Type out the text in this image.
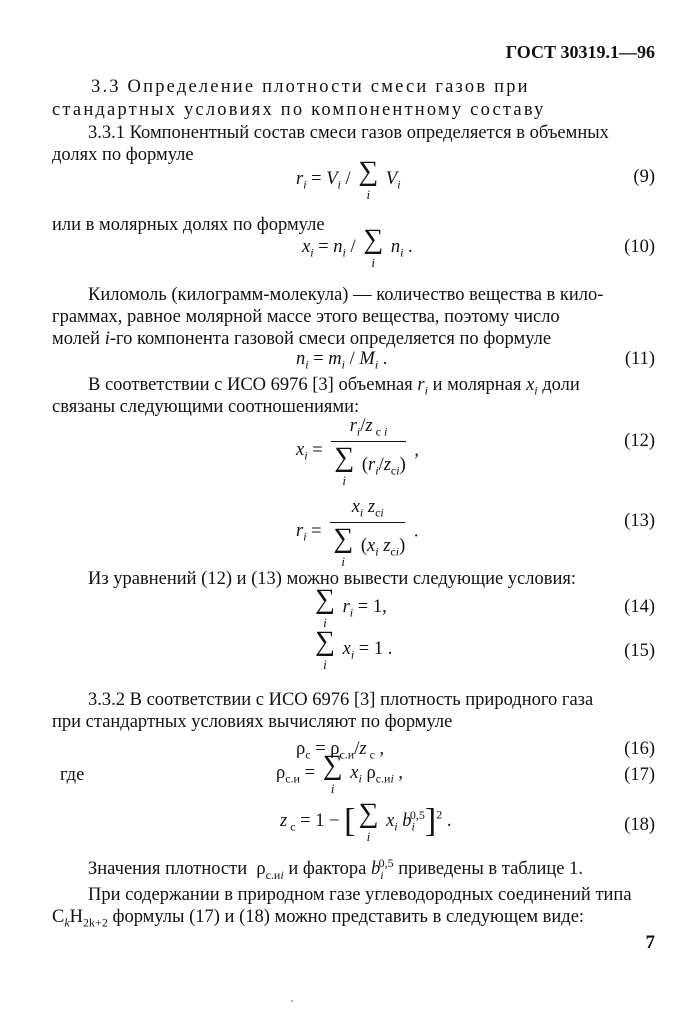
ГОСТ 30319.1—96
3.3 Определение плотности смеси газов при
стандартных условиях по компонентному составу
3.3.1 Компонентный состав смеси газов определяется в объемных
долях по формуле
$r_i = V_i$ / ∑
i
$V_i$	(9)
или в молярных долях по формуле
$x_i = n_i$ / ∑
i
$n_i$ .	(10)
Киломоль (килограмм-молекула) — количество вещества в кило-
граммах, равное молярной массе этого вещества, поэтому число
молей i-го компонента газовой смеси определяется по формуле
$n_i = m_i / M_i$ .	(11)
В соответствии с ИСО 6976 [3] объемная $r_i$ и молярная $x_i$ доли
связаны следующими соотношениями:
$x_i = r_i/z$ $_{c i}$
∑
i
$(r_i/z_{ci})$ ,	(12)
$r_i = x_i$ $z_{ci}$
∑
i
($x_i$ $z_{ci}$) .
(13)
Из уравнений (12) и (13) можно вывести следующие условия:
∑
i
$r_i = 1$,	(14)
∑
i
$x_i = 1$ .	(15)
3.3.2 В соответствии с ИСО 6976 [3] плотность природного газа
при стандартных условиях вычисляют по формуле
$\rho_с = \rho_{с.и}/z$ $_с$ ,	(16)
где	$\rho_{с.и}$ = ∑
i
$x_i$ $\rho_{с.иi}$ ,	(17)
z $_с$ = 1 − [ ∑
i
$x_i$ $b_i^{0,5}]^2$ .	(18)
Значения плотности  $\rho_{с.иi}$ и фактора $b_i^{0,5}$ приведены в таблице 1.
При содержании в природном газе углеводородных соединений типа
$C_kH_{2k+2}$ формулы (17) и (18) можно представить в следующем виде:
7
